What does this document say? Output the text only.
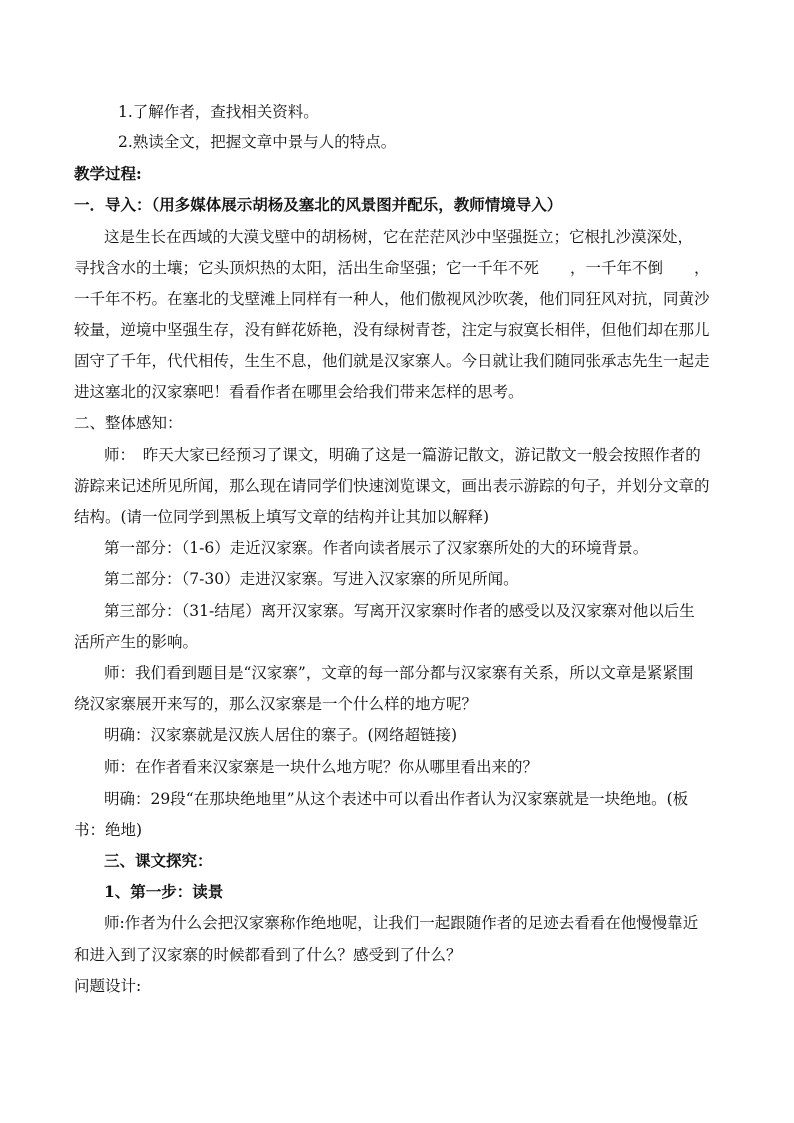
1.了解作者，查找相关资料。
2.熟读全文，把握文章中景与人的特点。
教学过程:
一．导入：（用多媒体展示胡杨及塞北的风景图并配乐，教师情境导入）
这是生长在西域的大漠戈壁中的胡杨树，它在茫茫风沙中坚强挺立；它根扎沙漠深处，
寻找含水的土壤；它头顶炽热的太阳，活出生命坚强；它一千年不死　　，一千年不倒　　，
一千年不朽。在塞北的戈壁滩上同样有一种人，他们傲视风沙吹袭，他们同狂风对抗，同黄沙
较量，逆境中坚强生存，没有鲜花娇艳，没有绿树青苍，注定与寂寞长相伴，但他们却在那儿
固守了千年，代代相传，生生不息，他们就是汉家寨人。今日就让我们随同张承志先生一起走
进这塞北的汉家寨吧！看看作者在哪里会给我们带来怎样的思考。
二、整体感知：
师：　昨天大家已经预习了课文，明确了这是一篇游记散文，游记散文一般会按照作者的
游踪来记述所见所闻，那么现在请同学们快速浏览课文，画出表示游踪的句子，并划分文章的
结构。(请一位同学到黑板上填写文章的结构并让其加以解释)
第一部分：（1-6）走近汉家寨。作者向读者展示了汉家寨所处的大的环境背景。
第二部分：（7-30）走进汉家寨。写进入汉家寨的所见所闻。
第三部分：（31-结尾）离开汉家寨。写离开汉家寨时作者的感受以及汉家寨对他以后生
活所产生的影响。
师：我们看到题目是“汉家寨”，文章的每一部分都与汉家寨有关系，所以文章是紧紧围
绕汉家寨展开来写的，那么汉家寨是一个什么样的地方呢？
明确：汉家寨就是汉族人居住的寨子。(网络超链接)
师：在作者看来汉家寨是一块什么地方呢？你从哪里看出来的？
明确：29段“在那块绝地里”从这个表述中可以看出作者认为汉家寨就是一块绝地。(板
书：绝地)
三、课文探究：
1、第一步：读景
师:作者为什么会把汉家寨称作绝地呢，让我们一起跟随作者的足迹去看看在他慢慢靠近
和进入到了汉家寨的时候都看到了什么？感受到了什么？
问题设计:
